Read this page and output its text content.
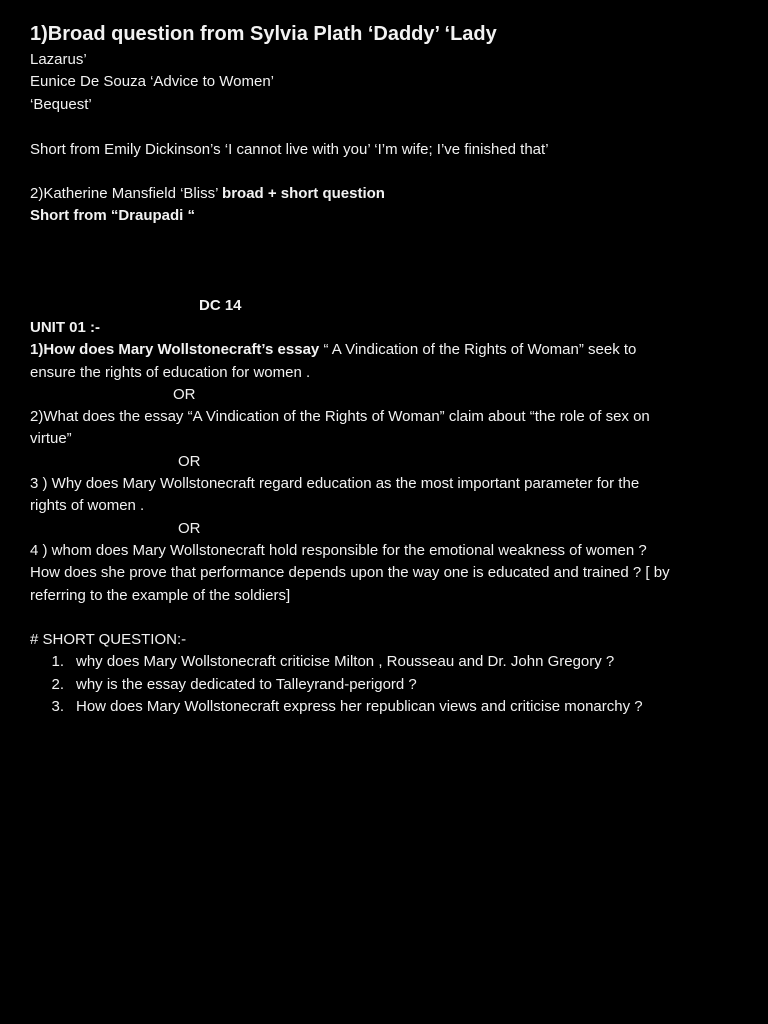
1)Broad question from Sylvia Plath ‘Daddy’ ‘Lady
Lazarus’
Eunice De Souza ‘Advice to Women’
‘Bequest’
Short from Emily Dickinson’s ‘I cannot live with you’ ‘I’m wife; I’ve finished that’
2)Katherine Mansfield ‘Bliss’ broad + short question
Short from “Draupadi “
DC 14
UNIT 01 :-
1)How does Mary Wollstonecraft’s essay “ A Vindication of the Rights of Woman” seek to
ensure the rights of education for women .
OR
2)What does the essay “A Vindication of the Rights of Woman” claim about “the role of sex on
virtue”
OR
3 ) Why does Mary Wollstonecraft regard education as the most important parameter for the
rights of women .
OR
4 ) whom does Mary Wollstonecraft hold responsible for the emotional weakness of women ?
How does she prove that performance depends upon the way one is educated and trained ? [ by
referring to the example of the soldiers]
# SHORT QUESTION:-
1. why does Mary Wollstonecraft criticise Milton , Rousseau and Dr. John Gregory ?
2. why is the essay dedicated to Talleyrand-perigord ?
3. How does Mary Wollstonecraft express her republican views and criticise monarchy ?
